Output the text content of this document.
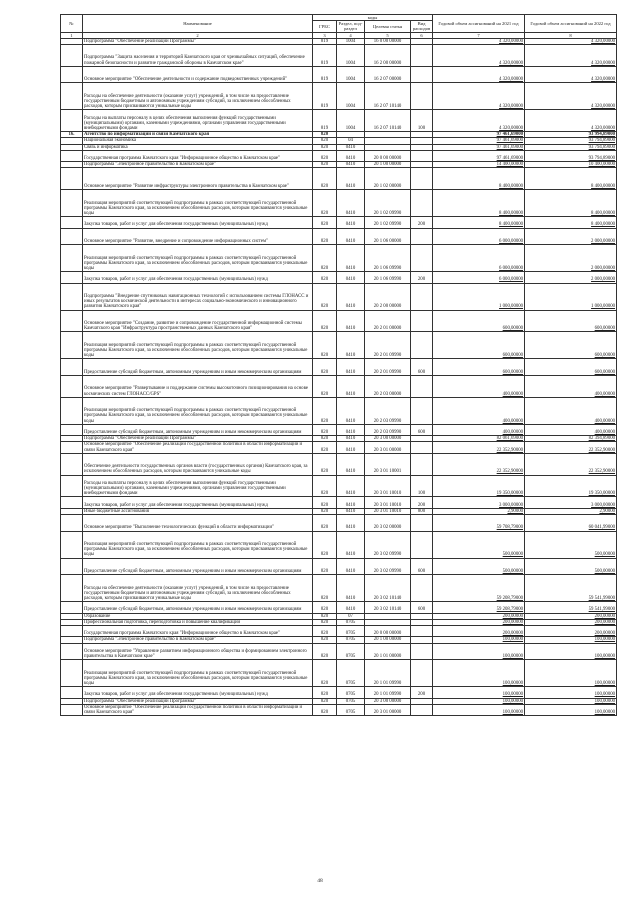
№	Наименование	коды				Годовой объем ассигнований на 2021 год	Годовой объем ассигнований на 2022 год
		ГРБС	Раздел, под-раздел	Целевая статья	Вид расходов		
1	2	3	4	5	6	7	8
	Подпрограмма "Обеспечение реализации Программы"	819	1004	16 0 00 00000		4 320,00000	4 320,00000
	Подпрограмма "Защита населения и территорий Камчатского края от чрезвычайных ситуаций, обеспечение пожарной безопасности и развитие гражданской обороны в Камчатском крае"	819	1004	16 2 00 00000		4 320,00000	4 320,00000
	Основное мероприятие "Обеспечение деятельности и содержание подведомственных учреждений"	819	1004	16 2 07 00000		4 320,00000	4 320,00000
	Расходы на обеспечение деятельности (оказание услуг) учреждений, в том числе на предоставление государственным бюджетным и автономным учреждениям субсидий, за исключением обособленных расходов, которым присваиваются уникальные коды	819	1004	16 2 07 10140		4 320,00000	4 320,00000
	Расходы на выплаты персоналу в целях обеспечения выполнения функций государственными (муниципальными) органами, казенными учреждениями, органами управления государственными внебюджетными фондами	819	1004	16 2 07 10140	100	4 320,00000	4 320,00000
16.	Агентство по информатизации и связи Камчатского края	820				97 461,69000	93 994,89000
	Национальная экономика	820	04			97 461,69000	93 794,89000
	Связь и информатика	820	0410			97 461,69000	93 794,89000
	Государственная программа Камчатского края "Информационное общество в Камчатском крае"	820	0410	20 0 00 00000		97 461,69000	93 794,89000
	Подпрограмма "Электронное правительство в Камчатском крае"	820	0410	20 1 00 00000		14 400,00000	10 400,00000
	Основное мероприятие "Развитие инфраструктуры электронного правительства в Камчатском крае"	820	0410	20 1 02 00000		8 400,00000	8 400,00000
	Реализация мероприятий соответствующей подпрограммы в рамках соответствующей государственной программы Камчатского края, за исключением обособленных расходов, которым присваиваются уникальные коды	820	0410	20 1 02 09990		8 400,00000	8 400,00000
	Закупка товаров, работ и услуг для обеспечения государственных (муниципальных) нужд	820	0410	20 1 02 09990	200	8 400,00000	8 400,00000
	Основное мероприятие "Развитие, внедрение и сопровождение информационных систем"	820	0410	20 1 06 00000		6 000,00000	2 000,00000
	Реализация мероприятий соответствующей подпрограммы в рамках соответствующей государственной программы Камчатского края, за исключением обособленных расходов, которым присваиваются уникальные коды	820	0410	20 1 06 09990		6 000,00000	2 000,00000
	Закупка товаров, работ и услуг для обеспечения государственных (муниципальных) нужд	820	0410	20 1 06 09990	200	6 000,00000	2 000,00000
	Подпрограмма "Внедрение спутниковых навигационных технологий с использованием системы ГЛОНАСС и иных результатов космической деятельности в интересах социально-экономического и инновационного развития Камчатского края"	820	0410	20 2 00 00000		1 000,00000	1 000,00000
	Основное мероприятие "Создание, развитие и сопровождение государственной информационной системы Камчатского края "Инфраструктура пространственных данных Камчатского края"	820	0410	20 2 01 00000		600,00000	600,00000
	Реализация мероприятий соответствующей подпрограммы в рамках соответствующей государственной программы Камчатского края, за исключением обособленных расходов, которым присваиваются уникальные коды	820	0410	20 2 01 09990		600,00000	600,00000
	Предоставление субсидий бюджетным, автономным учреждениям и иным некоммерческим организациям	820	0410	20 2 01 09990	600	600,00000	600,00000
	Основное мероприятие "Развертывание и поддержание системы высокоточного позиционирования на основе космических систем ГЛОНАСС/GPS"	820	0410	20 2 03 00000		400,00000	400,00000
	Реализация мероприятий соответствующей подпрограммы в рамках соответствующей государственной программы Камчатского края, за исключением обособленных расходов, которым присваиваются уникальные коды	820	0410	20 2 03 09990		400,00000	400,00000
	Предоставление субсидий бюджетным, автономным учреждениям и иным некоммерческим организациям	820	0410	20 2 03 09990	600	400,00000	400,00000
	Подпрограмма "Обеспечение реализации Программы"	820	0410	20 3 00 00000		82 061,69000	82 394,89000
	Основное мероприятие "Обеспечение реализации государственной политики в области информатизации и связи Камчатского края"	820	0410	20 3 01 00000		22 352,90000	22 352,90000
	Обеспечение деятельности государственных органов власти (государственных органов) Камчатского края, за исключением обособленных расходов, которым присваиваются уникальные коды	820	0410	20 3 01 10001		22 352,90000	22 352,90000
	Расходы на выплаты персоналу в целях обеспечения выполнения функций государственными (муниципальными) органами, казенными учреждениями, органами управления государственными внебюджетными фондами	820	0410	20 3 01 10010	100	19 350,00000	19 350,00000
	Закупка товаров, работ и услуг для обеспечения государственных (муниципальных) нужд	820	0410	20 3 01 10010	200	3 000,00000	3 000,00000
	Иные бюджетные ассигнования	820	0410	20 3 01 10010	800	2,90000	2,90000
	Основное мероприятие "Выполнение технологических функций в области информатизации"	820	0410	20 3 02 00000		59 708,79000	60 041,99000
	Реализация мероприятий соответствующей подпрограммы в рамках соответствующей государственной программы Камчатского края, за исключением обособленных расходов, которым присваиваются уникальные коды	820	0410	20 3 02 09990		500,00000	500,00000
	Предоставление субсидий бюджетным, автономным учреждениям и иным некоммерческим организациям	820	0410	20 3 02 09990	600	500,00000	500,00000
	Расходы на обеспечение деятельности (оказание услуг) учреждений, в том числе на предоставление государственным бюджетным и автономным учреждениям субсидий, за исключением обособленных расходов, которым присваиваются уникальные коды	820	0410	20 3 02 10140		59 208,79000	59 541,99000
	Предоставление субсидий бюджетным, автономным учреждениям и иным некоммерческим организациям	820	0410	20 3 02 10140	600	59 208,79000	59 541,99000
	Образование	820	07			200,00000	200,00000
	Профессиональная подготовка, переподготовка и повышение квалификации	820	0705			200,00000	200,00000
	Государственная программа Камчатского края "Информационное общество в Камчатском крае"	820	0705	20 0 00 00000		200,00000	200,00000
	Подпрограмма "Электронное правительство в Камчатском крае"	820	0705	20 1 00 00000		100,00000	100,00000
	Основное мероприятие "Управление развитием информационного общества и формированием электронного правительства в Камчатском крае"	820	0705	20 1 01 00000		100,00000	100,00000
	Реализация мероприятий соответствующей подпрограммы в рамках соответствующей государственной программы Камчатского края, за исключением обособленных расходов, которым присваиваются уникальные коды	820	0705	20 1 01 09990		100,00000	100,00000
	Закупка товаров, работ и услуг для обеспечения государственных (муниципальных) нужд	820	0705	20 1 01 09990	200	100,00000	100,00000
	Подпрограмма "Обеспечение реализации Программы"	820	0705	20 3 00 00000		100,00000	100,00000
	Основное мероприятие "Обеспечение реализации государственной политики в области информатизации и связи Камчатского края"	820	0705	20 3 01 00000		100,00000	100,00000
48
